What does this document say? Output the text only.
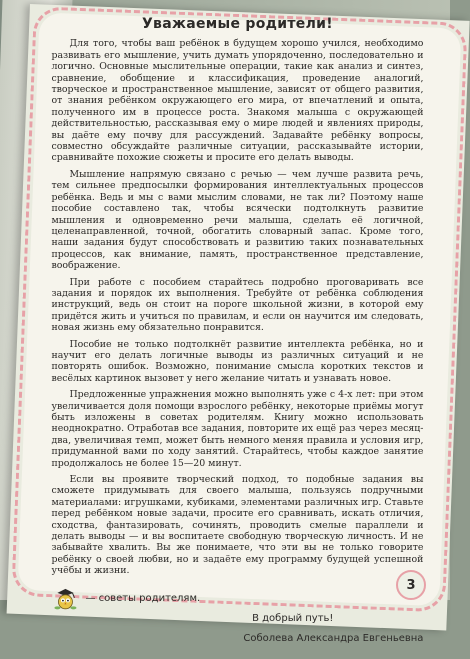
Уважаемые родители!

Для того, чтобы ваш ребёнок в будущем хорошо учился, необходимо развивать его мышление, учить думать упорядоченно, последовательно и логично. Основные мыслительные операции, такие как анализ и синтез, сравнение, обобщение и классификация, проведение аналогий, творческое и пространственное мышление, зависят от общего развития, от знания ребёнком окружающего его мира, от впечатлений и опыта, полученного им в процессе роста. Знакомя малыша с окружающей действительностью, рассказывая ему о мире людей и явлениях природы, вы даёте ему почву для рассуждений. Задавайте ребёнку вопросы, совместно обсуждайте различные ситуации, рассказывайте истории, сравнивайте похожие сюжеты и просите его делать выводы.

Мышление напрямую связано с речью — чем лучше развита речь, тем сильнее предпосылки формирования интеллектуальных процессов ребёнка. Ведь и мы с вами мыслим словами, не так ли? Поэтому наше пособие составлено так, чтобы всячески подтолкнуть развитие мышления и одновременно речи малыша, сделать её логичной, целенаправленной, точной, обогатить словарный запас. Кроме того, наши задания будут способствовать и развитию таких познавательных процессов, как внимание, память, пространственное представление, воображение.

При работе с пособием старайтесь подробно проговаривать все задания и порядок их выполнения. Требуйте от ребёнка соблюдения инструкций, ведь он стоит на пороге школьной жизни, в которой ему придётся жить и учиться по правилам, и если он научится им следовать, новая жизнь ему обязательно понравится.

Пособие не только подтолкнёт развитие интеллекта ребёнка, но и научит его делать логичные выводы из различных ситуаций и не повторять ошибок. Возможно, понимание смысла коротких текстов и весёлых картинок вызовет у него желание читать и узнавать новое.

Предложенные упражнения можно выполнять уже с 4-х лет: при этом увеличивается доля помощи взрослого ребёнку, некоторые приёмы могут быть изложены в советах родителям. Книгу можно использовать неоднократно. Отработав все задания, повторите их ещё раз через месяц-два, увеличивая темп, может быть немного меняя правила и условия игр, придуманной вами по ходу занятий. Старайтесь, чтобы каждое занятие продолжалось не более 15—20 минут.

Если вы проявите творческий подход, то подобные задания вы сможете придумывать для своего малыша, пользуясь подручными материалами: игрушками, кубиками, элементами различных игр. Ставьте перед ребёнком новые задачи, просите его сравнивать, искать отличия, сходства, фантазировать, сочинять, проводить смелые параллели и делать выводы — и вы воспитаете свободную творческую личность. И не забывайте хвалить. Вы же понимаете, что эти вы не только говорите ребёнку о своей любви, но и задаёте ему программу будущей успешной учёбы и жизни.

— советы родителям.
В добрый путь!
Соболева Александра Евгеньевна
3
